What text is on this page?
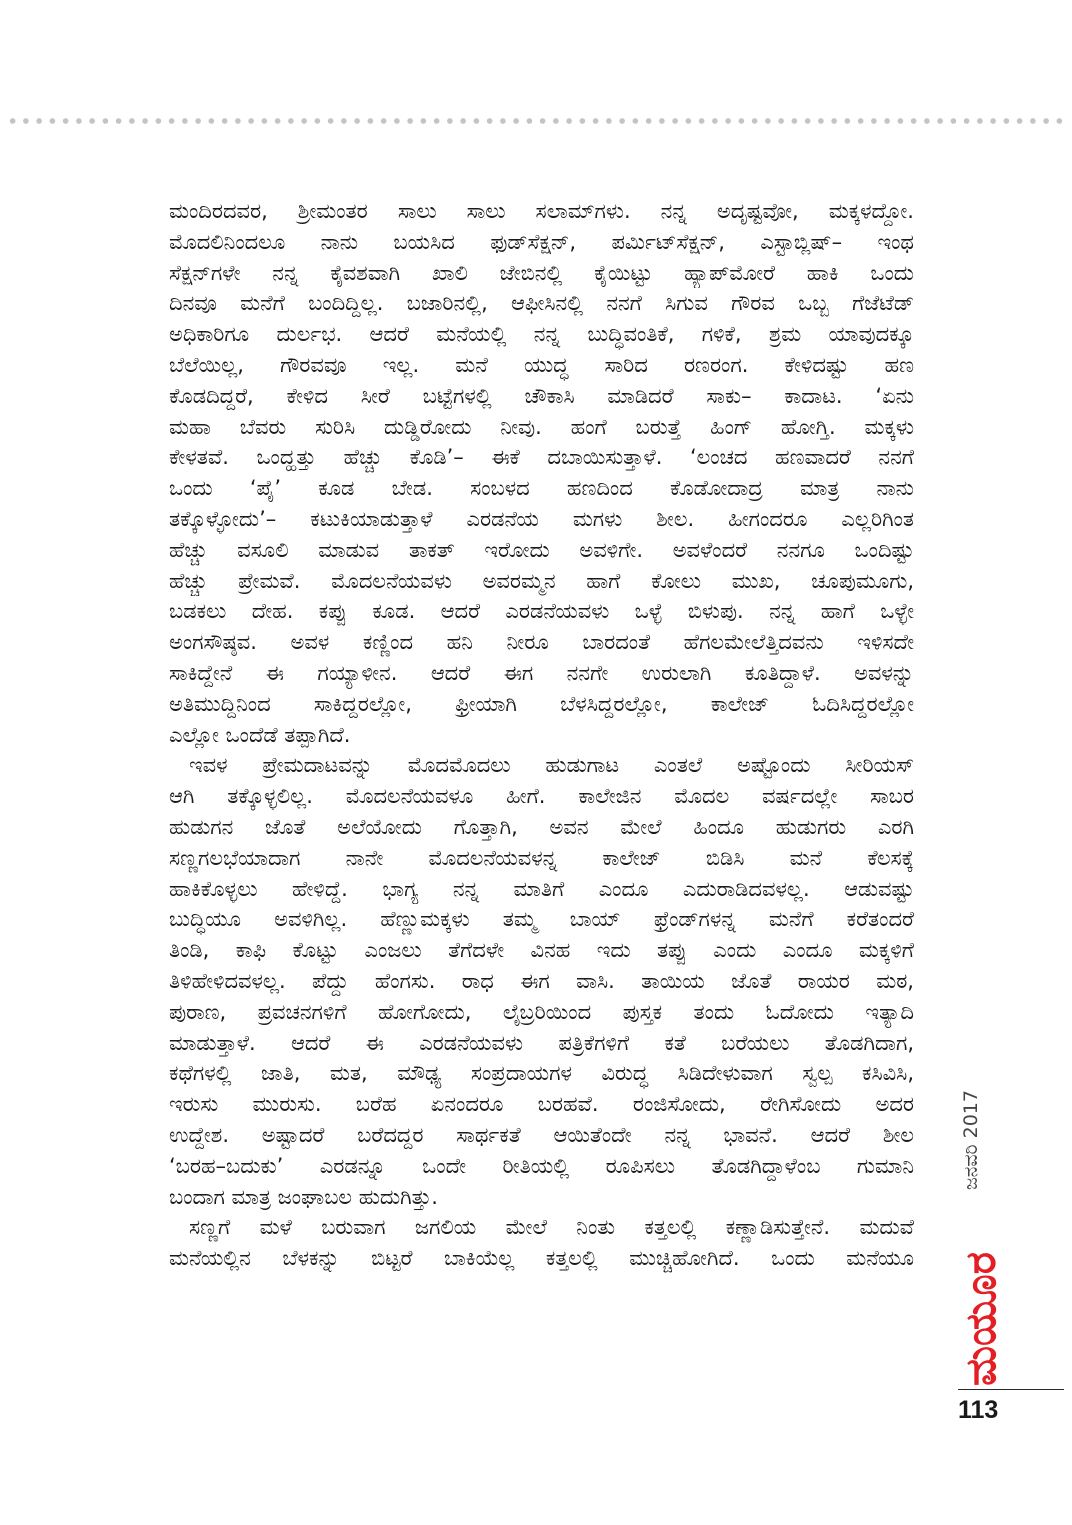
ಮಂದಿರದವರ, ಶ್ರೀಮಂತರ ಸಾಲು ಸಾಲು ಸಲಾಮ್‌ಗಳು. ನನ್ನ ಅದೃಷ್ಟವೋ, ಮಕ್ಕಳದ್ದೋ.
ಮೊದಲಿನಿಂದಲೂ ನಾನು ಬಯಸಿದ ಫುಡ್‌ಸೆಕ್ಷನ್, ಪರ್ಮಿಟ್‌ಸೆಕ್ಷನ್, ಎಸ್ಟಾಬ್ಲಿಷ್– ಇಂಥ
ಸೆಕ್ಷನ್‌ಗಳೇ ನನ್ನ ಕೈವಶವಾಗಿ ಖಾಲಿ ಜೇಬಿನಲ್ಲಿ ಕೈಯಿಟ್ಟು ಹ್ಯಾಪ್‌ಮೋರೆ ಹಾಕಿ ಒಂದು
ದಿನವೂ ಮನೆಗೆ ಬಂದಿದ್ದಿಲ್ಲ. ಬಜಾರಿನಲ್ಲಿ, ಆಫೀಸಿನಲ್ಲಿ ನನಗೆ ಸಿಗುವ ಗೌರವ ಒಬ್ಬ ಗೆಜೆಟೆಡ್
ಅಧಿಕಾರಿಗೂ ದುರ್ಲಭ. ಆದರೆ ಮನೆಯಲ್ಲಿ ನನ್ನ ಬುದ್ಧಿವಂತಿಕೆ, ಗಳಿಕೆ, ಶ್ರಮ ಯಾವುದಕ್ಕೂ
ಬೆಲೆಯಿಲ್ಲ, ಗೌರವವೂ ಇಲ್ಲ. ಮನೆ ಯುದ್ಧ ಸಾರಿದ ರಣರಂಗ. ಕೇಳಿದಷ್ಟು ಹಣ
ಕೊಡದಿದ್ದರೆ, ಕೇಳಿದ ಸೀರೆ ಬಟ್ಟೆಗಳಲ್ಲಿ ಚೌಕಾಸಿ ಮಾಡಿದರೆ ಸಾಕು– ಕಾದಾಟ. ‘ಏನು
ಮಹಾ ಬೆವರು ಸುರಿಸಿ ದುಡ್ಡಿರೋದು ನೀವು. ಹಂಗೆ ಬರುತ್ತೆ ಹಿಂಗ್ ಹೋಗ್ತಿ. ಮಕ್ಕಳು
ಕೇಳತವೆ. ಒಂದ್ಹತ್ತು ಹೆಚ್ಚು ಕೊಡಿ’– ಈಕೆ ದಬಾಯಿಸುತ್ತಾಳೆ. ‘ಲಂಚದ ಹಣವಾದರೆ ನನಗೆ
ಒಂದು ‘ಪೈ’ ಕೂಡ ಬೇಡ. ಸಂಬಳದ ಹಣದಿಂದ ಕೊಡೋದಾದ್ರ ಮಾತ್ರ ನಾನು
ತಕ್ಕೊಳ್ಳೋದು’– ಕಟುಕಿಯಾಡುತ್ತಾಳೆ ಎರಡನೆಯ ಮಗಳು ಶೀಲ. ಹೀಗಂದರೂ ಎಲ್ಲರಿಗಿಂತ
ಹೆಚ್ಚು ವಸೂಲಿ ಮಾಡುವ ತಾಕತ್ ಇರೋದು ಅವಳಿಗೇ. ಅವಳೆಂದರೆ ನನಗೂ ಒಂದಿಷ್ಟು
ಹೆಚ್ಚು ಪ್ರೇಮವೆ. ಮೊದಲನೆಯವಳು ಅವರಮ್ಮನ ಹಾಗೆ ಕೋಲು ಮುಖ, ಚೂಪುಮೂಗು,
ಬಡಕಲು ದೇಹ. ಕಪ್ಪು ಕೂಡ. ಆದರೆ ಎರಡನೆಯವಳು ಒಳ್ಳೆ ಬಿಳುಪು. ನನ್ನ ಹಾಗೆ ಒಳ್ಳೇ
ಅಂಗಸೌಷ್ಠವ. ಅವಳ ಕಣ್ಣಿಂದ ಹನಿ ನೀರೂ ಬಾರದಂತೆ ಹೆಗಲಮೇಲೆತ್ತಿದವನು ಇಳಿಸದೇ
ಸಾಕಿದ್ದೇನೆ ಈ ಗಯ್ಯಾಳೀನ. ಆದರೆ ಈಗ ನನಗೇ ಉರುಲಾಗಿ ಕೂತಿದ್ದಾಳೆ. ಅವಳನ್ನು
ಅತಿಮುದ್ದಿನಿಂದ ಸಾಕಿದ್ದರಲ್ಲೋ, ಫ್ರೀಯಾಗಿ ಬೆಳಸಿದ್ದರಲ್ಲೋ, ಕಾಲೇಜ್ ಓದಿಸಿದ್ದರಲ್ಲೋ
ಎಲ್ಲೋ ಒಂದೆಡೆ ತಪ್ಪಾಗಿದೆ.
ಇವಳ ಪ್ರೇಮದಾಟವನ್ನು ಮೊದಮೊದಲು ಹುಡುಗಾಟ ಎಂತಲೆ ಅಷ್ಟೊಂದು ಸೀರಿಯಸ್
ಆಗಿ ತಕ್ಕೊಳ್ಳಲಿಲ್ಲ. ಮೊದಲನೆಯವಳೂ ಹೀಗೆ. ಕಾಲೇಜಿನ ಮೊದಲ ವರ್ಷದಲ್ಲೇ ಸಾಬರ
ಹುಡುಗನ ಜೊತೆ ಅಲೆಯೋದು ಗೊತ್ತಾಗಿ, ಅವನ ಮೇಲೆ ಹಿಂದೂ ಹುಡುಗರು ಎರಗಿ
ಸಣ್ಣಗಲಭೆಯಾದಾಗ ನಾನೇ ಮೊದಲನೆಯವಳನ್ನ ಕಾಲೇಜ್ ಬಿಡಿಸಿ ಮನೆ ಕೆಲಸಕ್ಕೆ
ಹಾಕಿಕೊಳ್ಳಲು ಹೇಳಿದ್ದೆ. ಭಾಗ್ಯ ನನ್ನ ಮಾತಿಗೆ ಎಂದೂ ಎದುರಾಡಿದವಳಲ್ಲ. ಆಡುವಷ್ಟು
ಬುದ್ಧಿಯೂ ಅವಳಿಗಿಲ್ಲ. ಹೆಣ್ಣುಮಕ್ಕಳು ತಮ್ಮ ಬಾಯ್ ಫ್ರೆಂಡ್‌ಗಳನ್ನ ಮನೆಗೆ ಕರೆತಂದರೆ
ತಿಂಡಿ, ಕಾಫಿ ಕೊಟ್ಟು ಎಂಜಲು ತೆಗೆದಳೇ ವಿನಹ ಇದು ತಪ್ಪು ಎಂದು ಎಂದೂ ಮಕ್ಕಳಿಗೆ
ತಿಳಿಹೇಳಿದವಳಲ್ಲ. ಪೆದ್ದು ಹೆಂಗಸು. ರಾಧ ಈಗ ವಾಸಿ. ತಾಯಿಯ ಜೊತೆ ರಾಯರ ಮಠ,
ಪುರಾಣ, ಪ್ರವಚನಗಳಿಗೆ ಹೋಗೋದು, ಲೈಬ್ರರಿಯಿಂದ ಪುಸ್ತಕ ತಂದು ಓದೋದು ಇತ್ಯಾದಿ
ಮಾಡುತ್ತಾಳೆ. ಆದರೆ ಈ ಎರಡನೆಯವಳು ಪತ್ರಿಕೆಗಳಿಗೆ ಕತೆ ಬರೆಯಲು ತೊಡಗಿದಾಗ,
ಕಥೆಗಳಲ್ಲಿ ಜಾತಿ, ಮತ, ಮೌಢ್ಯ ಸಂಪ್ರದಾಯಗಳ ವಿರುದ್ಧ ಸಿಡಿದೇಳುವಾಗ ಸ್ವಲ್ಪ ಕಸಿವಿಸಿ,
ಇರುಸು ಮುರುಸು. ಬರೆಹ ಏನಂದರೂ ಬರಹವೆ. ರಂಜಿಸೋದು, ರೇಗಿಸೋದು ಅದರ
ಉದ್ದೇಶ. ಅಷ್ಟಾದರೆ ಬರೆದದ್ದರ ಸಾರ್ಥಕತೆ ಆಯಿತೆಂದೇ ನನ್ನ ಭಾವನೆ. ಆದರೆ ಶೀಲ
‘ಬರಹ–ಬದುಕು’ ಎರಡನ್ನೂ ಒಂದೇ ರೀತಿಯಲ್ಲಿ ರೂಪಿಸಲು ತೊಡಗಿದ್ದಾಳೆಂಬ ಗುಮಾನಿ
ಬಂದಾಗ ಮಾತ್ರ ಜಂಘಾಬಲ ಹುದುಗಿತ್ತು.
ಸಣ್ಣಗೆ ಮಳೆ ಬರುವಾಗ ಜಗಲಿಯ ಮೇಲೆ ನಿಂತು ಕತ್ತಲಲ್ಲಿ ಕಣ್ಣಾಡಿಸುತ್ತೇನೆ. ಮದುವೆ
ಮನೆಯಲ್ಲಿನ ಬೆಳಕನ್ನು ಬಿಟ್ಟರೆ ಬಾಕಿಯೆಲ್ಲ ಕತ್ತಲಲ್ಲಿ ಮುಚ್ಚಿಹೋಗಿದೆ. ಒಂದು ಮನೆಯೂ
ಜನವರಿ 2017
ಮಯೂರ
113
